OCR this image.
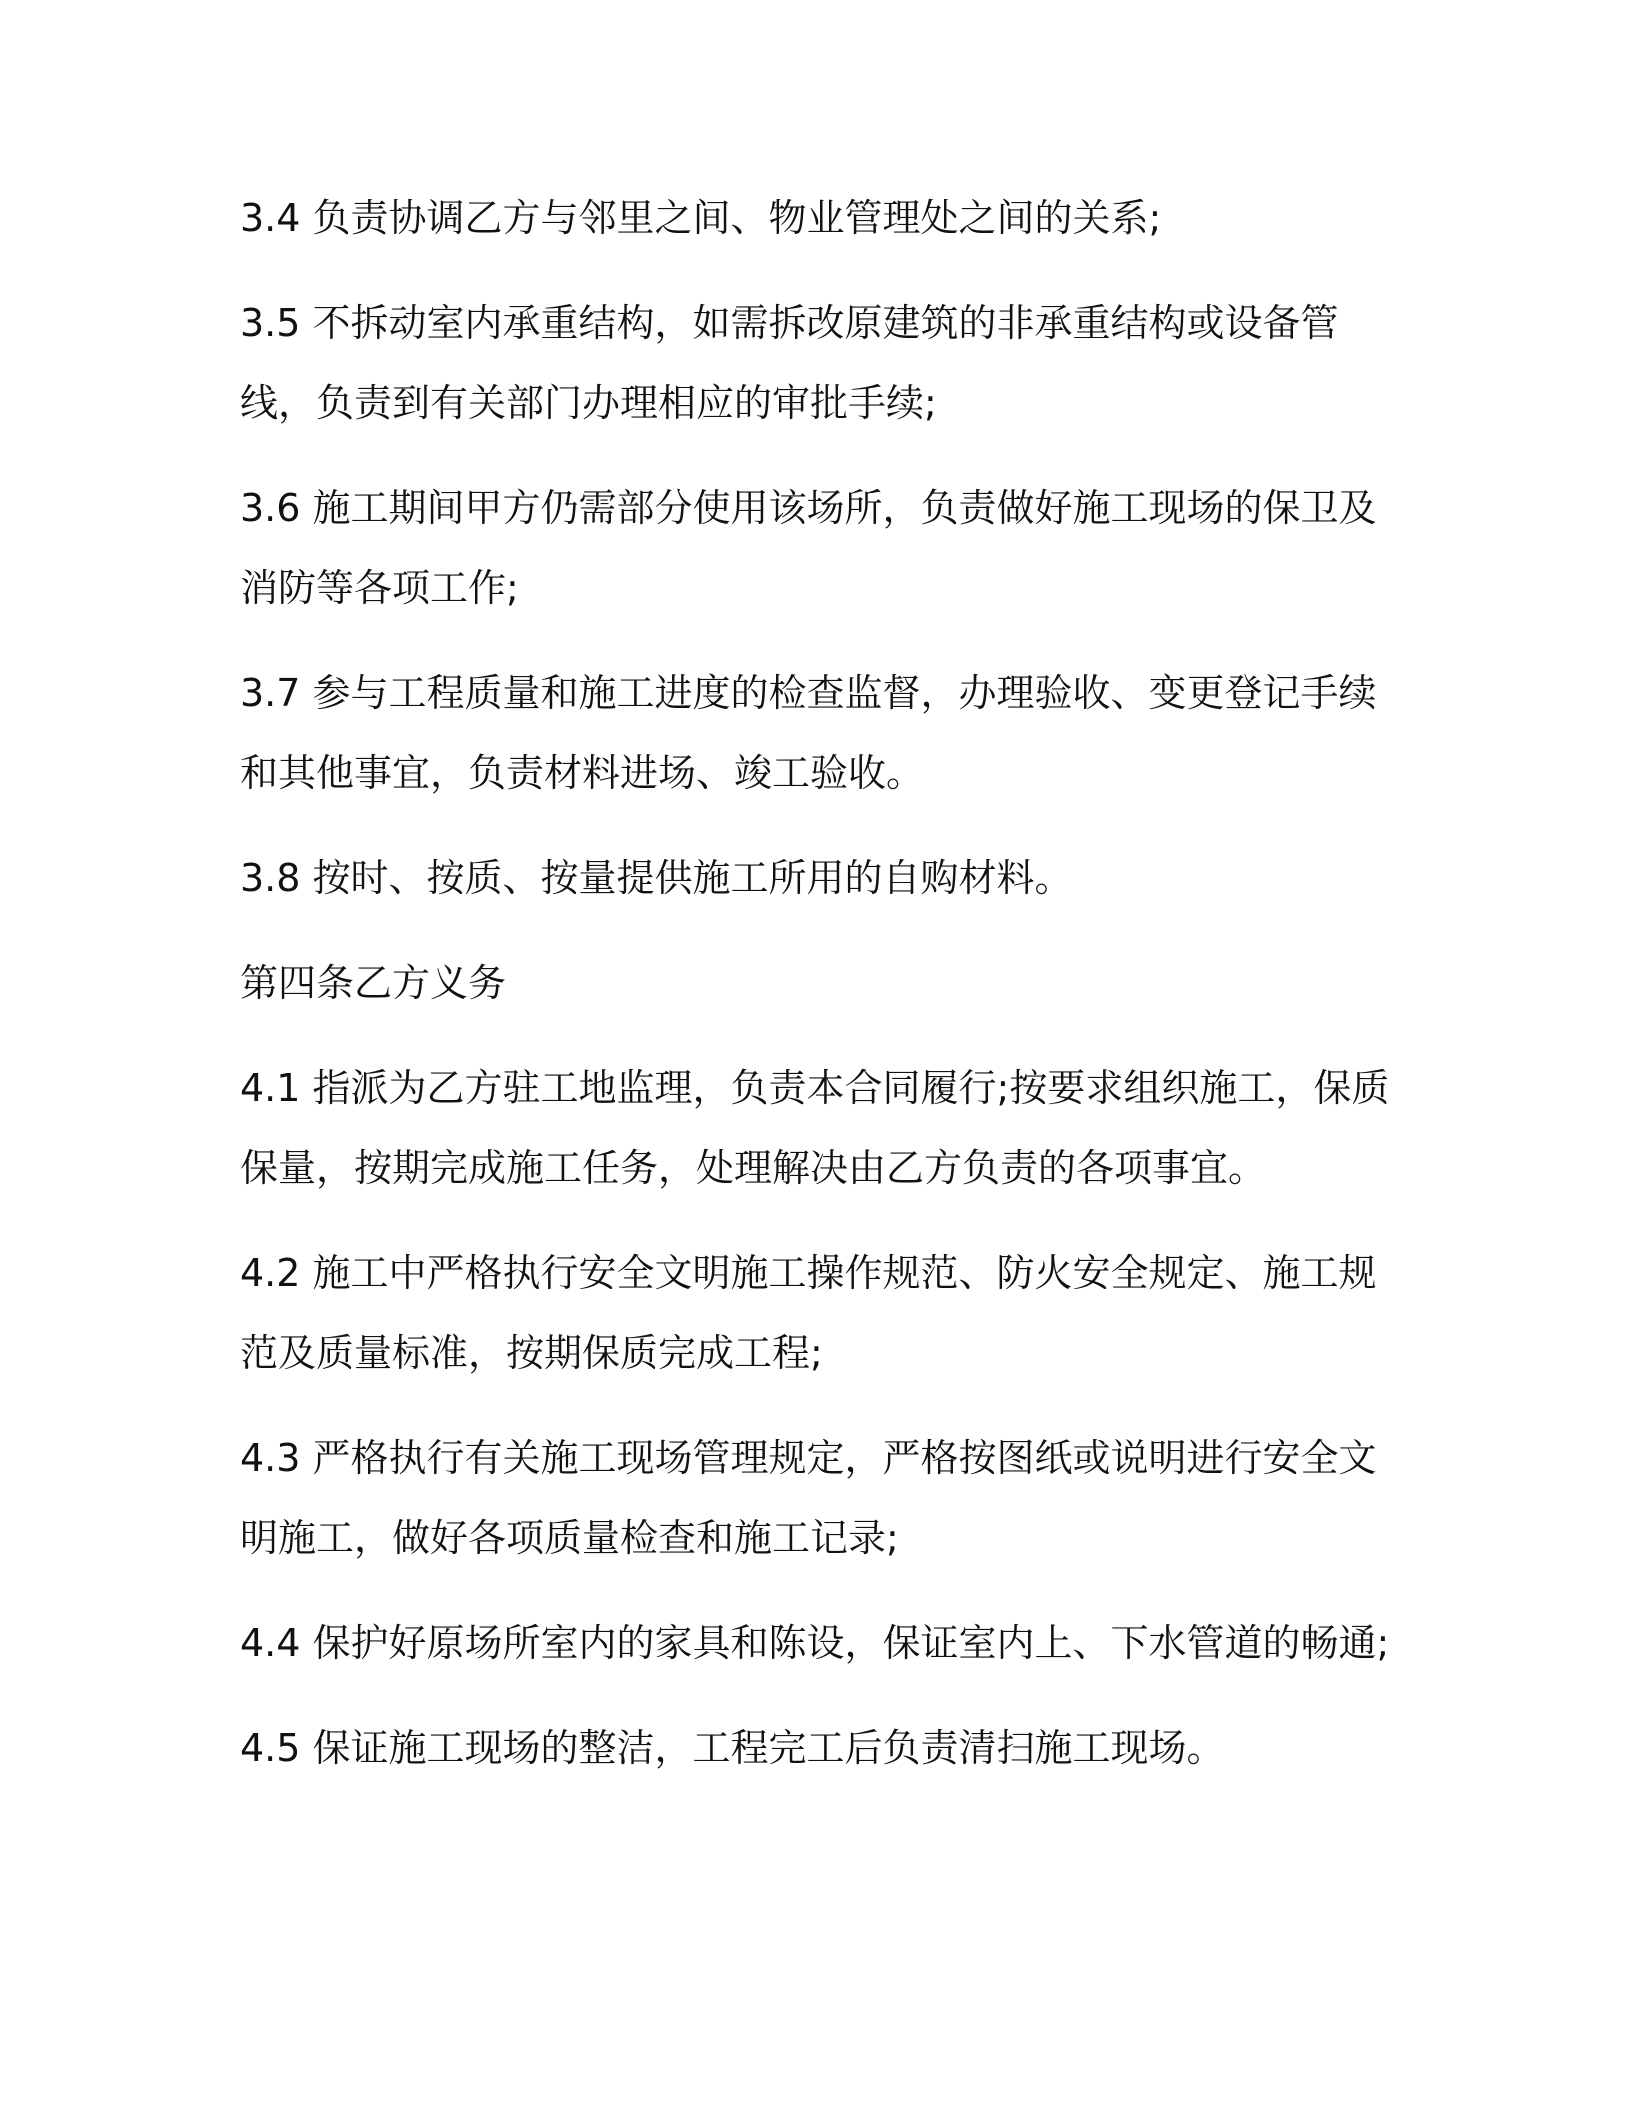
3.4 负责协调乙方与邻里之间、物业管理处之间的关系;

3.5 不拆动室内承重结构，如需拆改原建筑的非承重结构或设备管线，负责到有关部门办理相应的审批手续;

3.6 施工期间甲方仍需部分使用该场所，负责做好施工现场的保卫及消防等各项工作;

3.7 参与工程质量和施工进度的检查监督，办理验收、变更登记手续和其他事宜，负责材料进场、竣工验收。

3.8 按时、按质、按量提供施工所用的自购材料。

第四条乙方义务

4.1 指派为乙方驻工地监理，负责本合同履行;按要求组织施工，保质保量，按期完成施工任务，处理解决由乙方负责的各项事宜。

4.2 施工中严格执行安全文明施工操作规范、防火安全规定、施工规范及质量标准，按期保质完成工程;

4.3 严格执行有关施工现场管理规定，严格按图纸或说明进行安全文明施工，做好各项质量检查和施工记录;

4.4 保护好原场所室内的家具和陈设，保证室内上、下水管道的畅通;

4.5 保证施工现场的整洁，工程完工后负责清扫施工现场。
